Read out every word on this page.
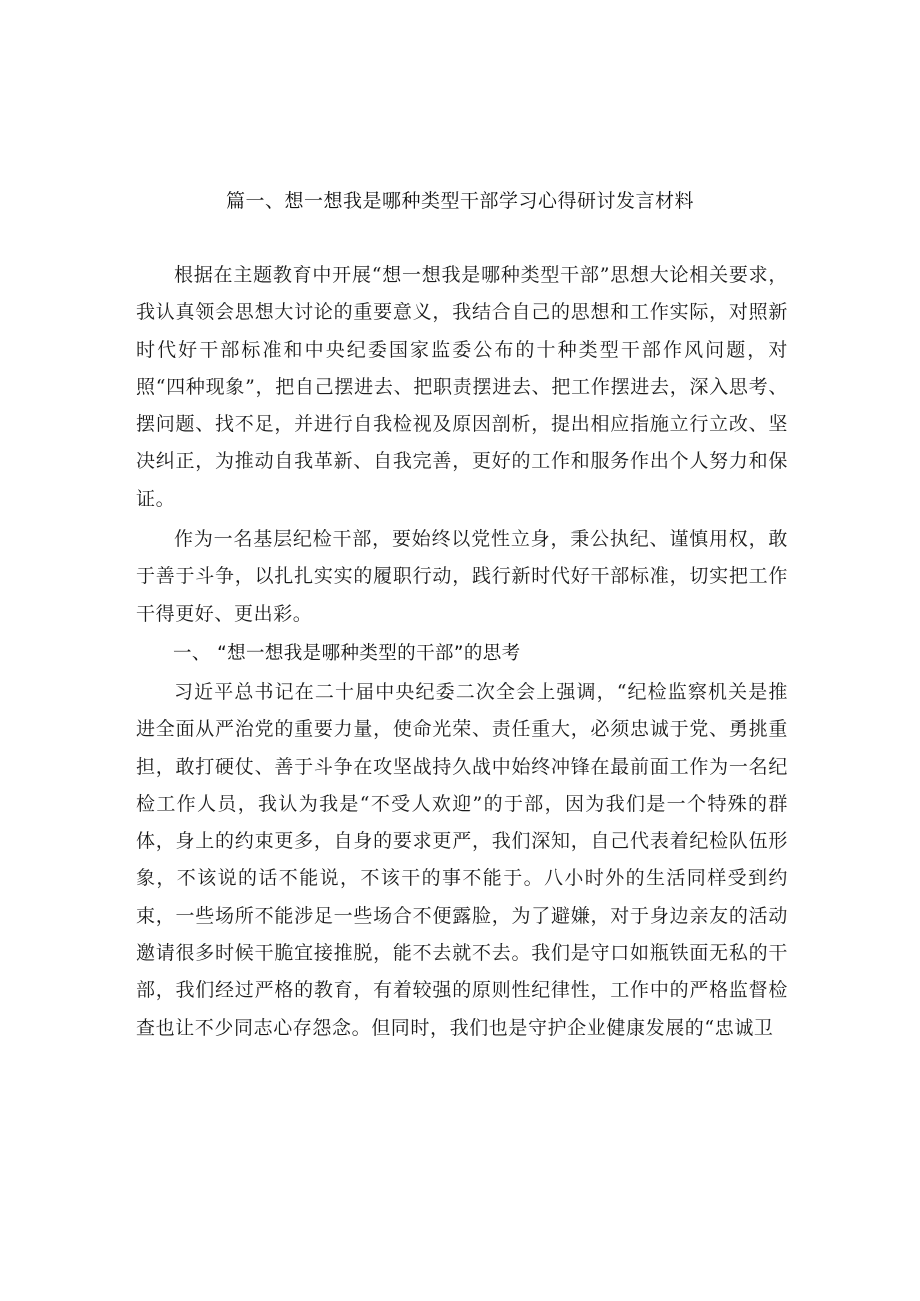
篇一、想一想我是哪种类型干部学习心得研讨发言材料

根据在主题教育中开展“想一想我是哪种类型干部”思想大论相关要求，我认真领会思想大讨论的重要意义，我结合自己的思想和工作实际，对照新时代好干部标准和中央纪委国家监委公布的十种类型干部作风问题，对照“四种现象”，把自己摆进去、把职责摆进去、把工作摆进去，深入思考、摆问题、找不足，并进行自我检视及原因剖析，提出相应指施立行立改、坚决纠正，为推动自我革新、自我完善，更好的工作和服务作出个人努力和保证。

作为一名基层纪检干部，要始终以党性立身，秉公执纪、谨慎用权，敢于善于斗争，以扎扎实实的履职行动，践行新时代好干部标准，切实把工作干得更好、更出彩。

一、 “想一想我是哪种类型的干部”的思考

习近平总书记在二十届中央纪委二次全会上强调，“纪检监察机关是推进全面从严治党的重要力量，使命光荣、责任重大，必须忠诚于党、勇挑重担，敢打硬仗、善于斗争在攻坚战持久战中始终冲锋在最前面工作为一名纪检工作人员，我认为我是“不受人欢迎”的于部，因为我们是一个特殊的群体，身上的约束更多，自身的要求更严，我们深知，自己代表着纪检队伍形象，不该说的话不能说，不该干的事不能于。八小时外的生活同样受到约束，一些场所不能涉足一些场合不便露脸，为了避嫌，对于身边亲友的活动邀请很多时候干脆宜接推脱，能不去就不去。我们是守口如瓶铁面无私的干部，我们经过严格的教育，有着较强的原则性纪律性，工作中的严格监督检查也让不少同志心存怨念。但同时，我们也是守护企业健康发展的“忠诚卫
